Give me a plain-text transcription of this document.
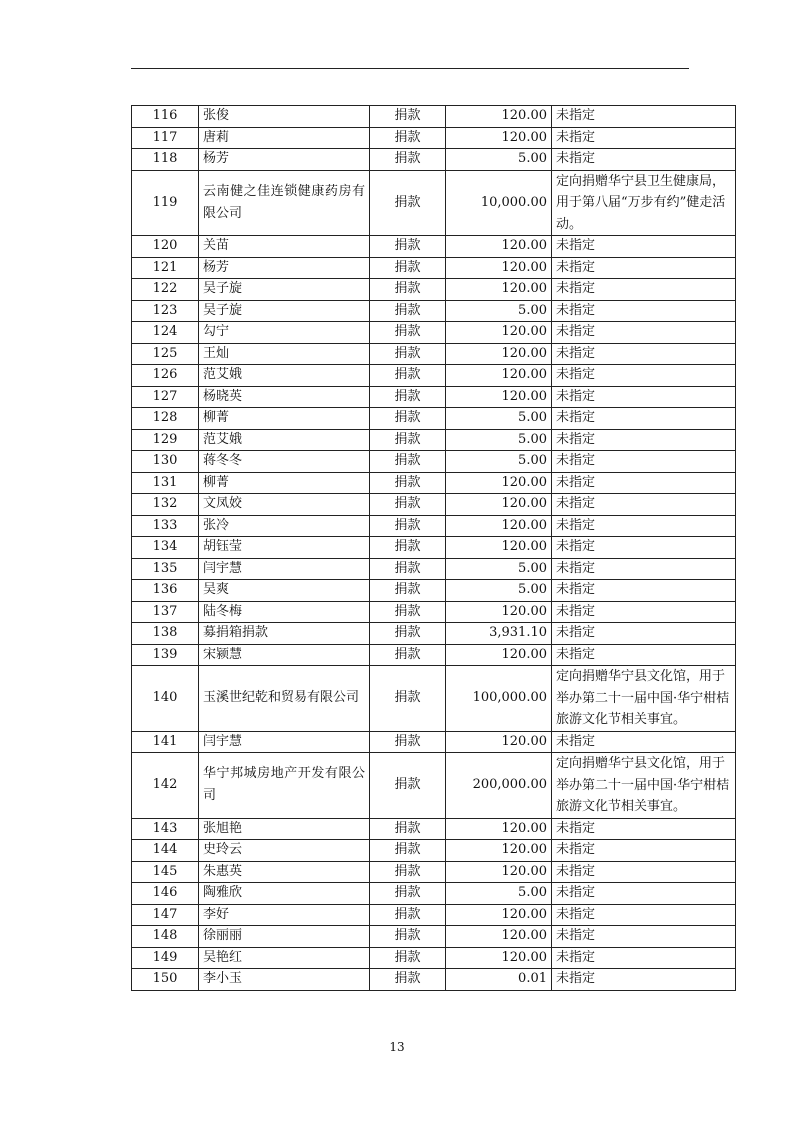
116	张俊	捐款	120.00	未指定
117	唐莉	捐款	120.00	未指定
118	杨芳	捐款	5.00	未指定
119	云南健之佳连锁健康药房有限公司	捐款	10,000.00	定向捐赠华宁县卫生健康局，用于第八届“万步有约”健走活动。
120	关苗	捐款	120.00	未指定
121	杨芳	捐款	120.00	未指定
122	吴子旋	捐款	120.00	未指定
123	吴子旋	捐款	5.00	未指定
124	勾宁	捐款	120.00	未指定
125	王灿	捐款	120.00	未指定
126	范艾娥	捐款	120.00	未指定
127	杨晓英	捐款	120.00	未指定
128	柳菁	捐款	5.00	未指定
129	范艾娥	捐款	5.00	未指定
130	蒋冬冬	捐款	5.00	未指定
131	柳菁	捐款	120.00	未指定
132	文凤姣	捐款	120.00	未指定
133	张冷	捐款	120.00	未指定
134	胡钰莹	捐款	120.00	未指定
135	闫宇慧	捐款	5.00	未指定
136	吴爽	捐款	5.00	未指定
137	陆冬梅	捐款	120.00	未指定
138	募捐箱捐款	捐款	3,931.10	未指定
139	宋颍慧	捐款	120.00	未指定
140	玉溪世纪乾和贸易有限公司	捐款	100,000.00	定向捐赠华宁县文化馆，用于举办第二十一届中国·华宁柑桔旅游文化节相关事宜。
141	闫宇慧	捐款	120.00	未指定
142	华宁邦城房地产开发有限公司	捐款	200,000.00	定向捐赠华宁县文化馆，用于举办第二十一届中国·华宁柑桔旅游文化节相关事宜。
143	张旭艳	捐款	120.00	未指定
144	史玲云	捐款	120.00	未指定
145	朱惠英	捐款	120.00	未指定
146	陶雅欣	捐款	5.00	未指定
147	李好	捐款	120.00	未指定
148	徐丽丽	捐款	120.00	未指定
149	吴艳红	捐款	120.00	未指定
150	李小玉	捐款	0.01	未指定
13
